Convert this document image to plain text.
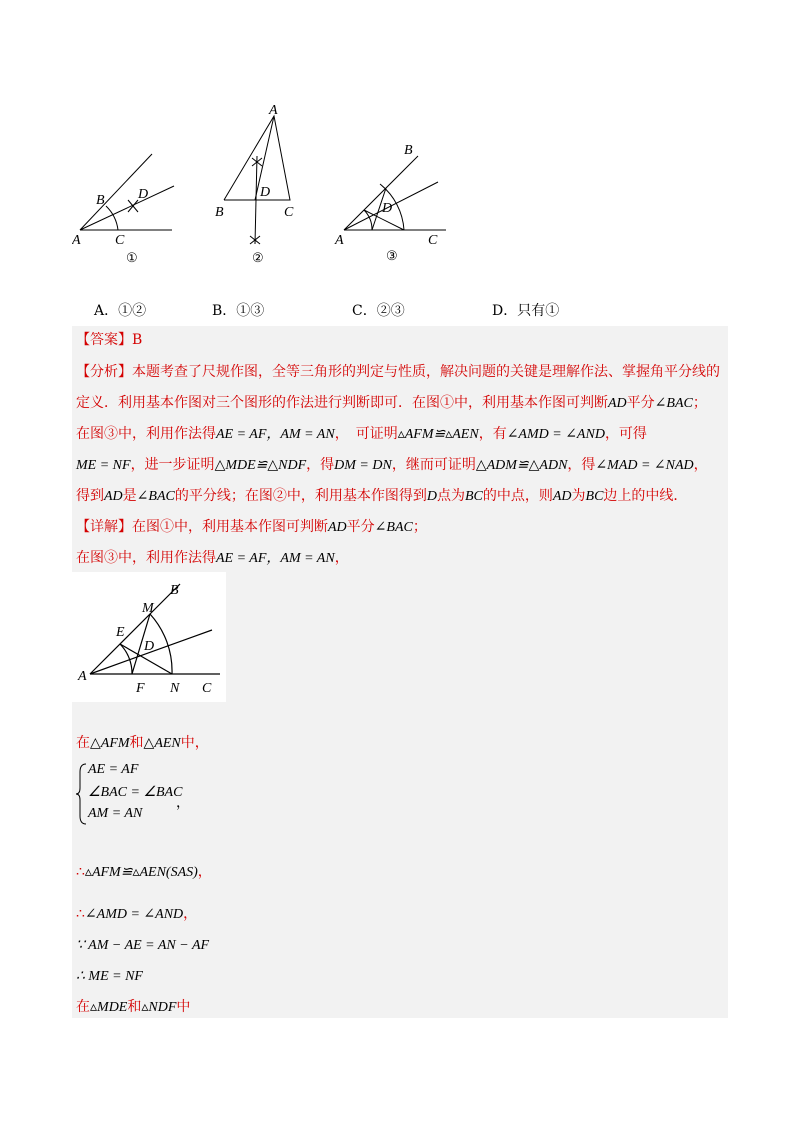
A
B
C
D
①
A
B	C
D
②
A
B
C
D
③
A．①②	B．①③	C．②③	D．只有①
【答案】B
【分析】本题考查了尺规作图，全等三角形的判定与性质，解决问题的关键是理解作法、掌握角平分线的
定义．利用基本作图对三个图形的作法进行判断即可．在图①中，利用基本作图可判断AD平分∠BAC；
在图③中，利用作法得AE = AF，AM = AN，　可证明▵AFM≌▵AEN，有∠AMD = ∠AND，可得
ME = NF，进一步证明△MDE≌△NDF，得DM = DN，继而可证明△ADM≌△ADN，得∠MAD = ∠NAD，
得到AD是∠BAC的平分线；在图②中，利用基本作图得到D点为BC的中点，则AD为BC边上的中线．
【详解】在图①中，利用基本作图可判断AD平分∠BAC；
在图③中，利用作法得AE = AF，AM = AN，
A
B
C
D
E
F
M
N
在△AFM和△AEN中，
AE = AF
∠BAC = ∠BAC
AM = AN
，
∴▵AFM≌▵AEN(SAS)，
∴∠AMD = ∠AND，
∵ AM − AE = AN − AF
∴ ME = NF
在▵MDE和▵NDF中
